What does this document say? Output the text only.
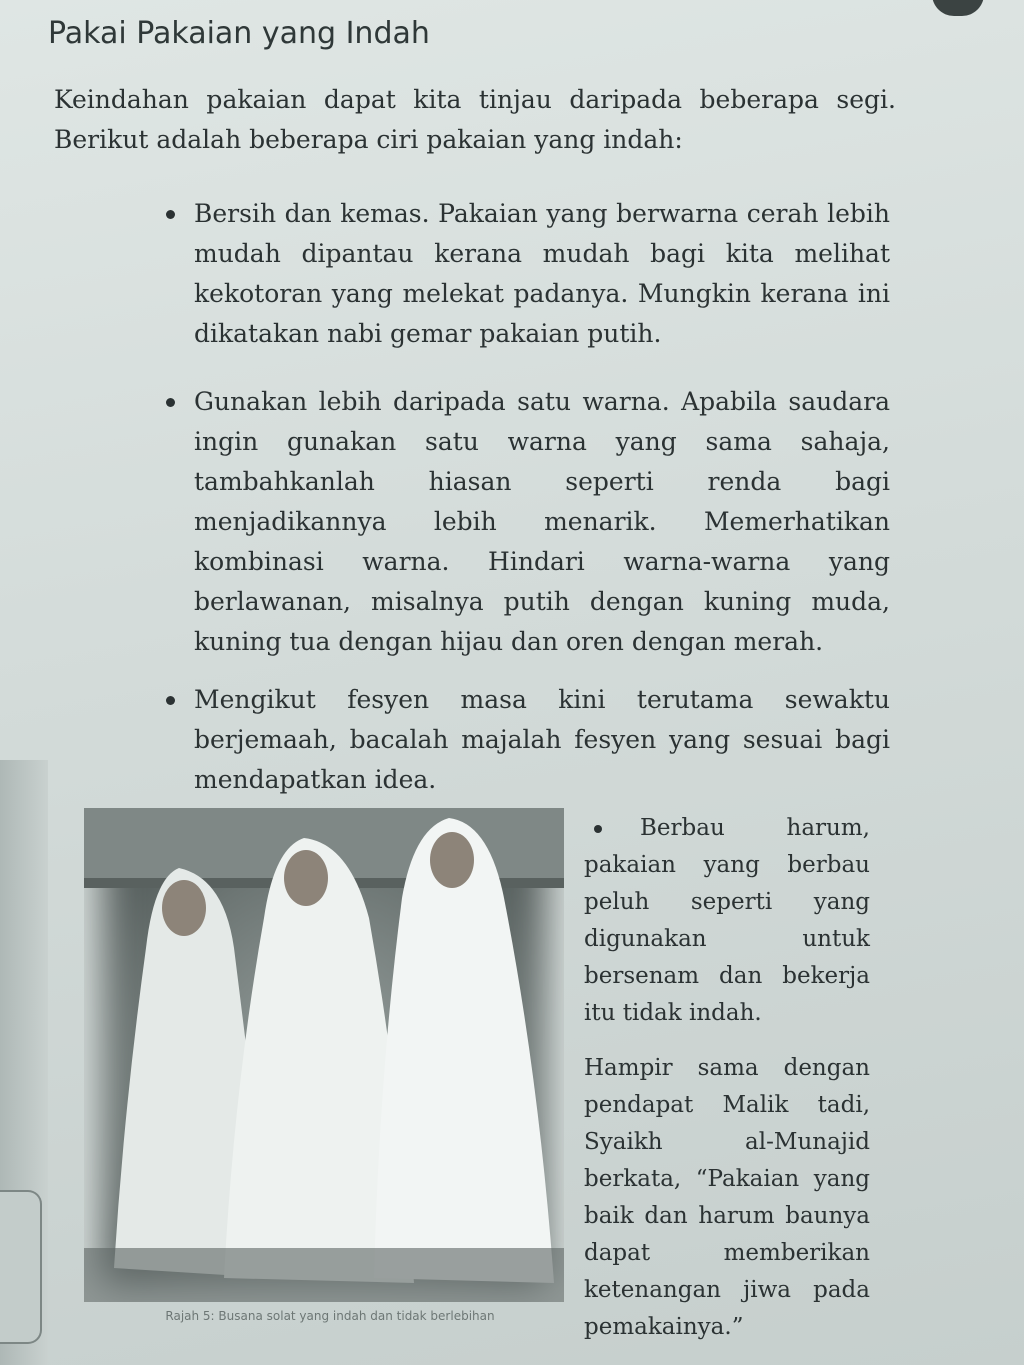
Pakai Pakaian yang Indah
Keindahan pakaian dapat kita tinjau daripada beberapa segi. Berikut adalah beberapa ciri pakaian yang indah:
Bersih dan kemas. Pakaian yang berwarna cerah lebih mudah dipantau kerana mudah bagi kita melihat kekotoran yang melekat padanya. Mungkin kerana ini dikatakan nabi gemar pakaian putih.
Gunakan lebih daripada satu warna. Apabila saudara ingin gunakan satu warna yang sama sahaja, tambahkanlah hiasan seperti renda bagi menjadikannya lebih menarik. Memerhatikan kombinasi warna. Hindari warna-warna yang berlawanan, misalnya putih dengan kuning muda, kuning tua dengan hijau dan oren dengan merah.
Mengikut fesyen masa kini terutama sewaktu berjemaah, bacalah majalah fesyen yang sesuai bagi mendapatkan idea.
Rajah 5: Busana solat yang indah dan tidak berlebihan
Berbau harum, pakaian yang berbau peluh seperti yang digunakan untuk bersenam dan bekerja itu tidak indah.
Hampir sama dengan pendapat Malik tadi, Syaikh al-Munajid berkata, “Pakaian yang baik dan harum baunya dapat memberikan ketenangan jiwa pada pemakainya.”
